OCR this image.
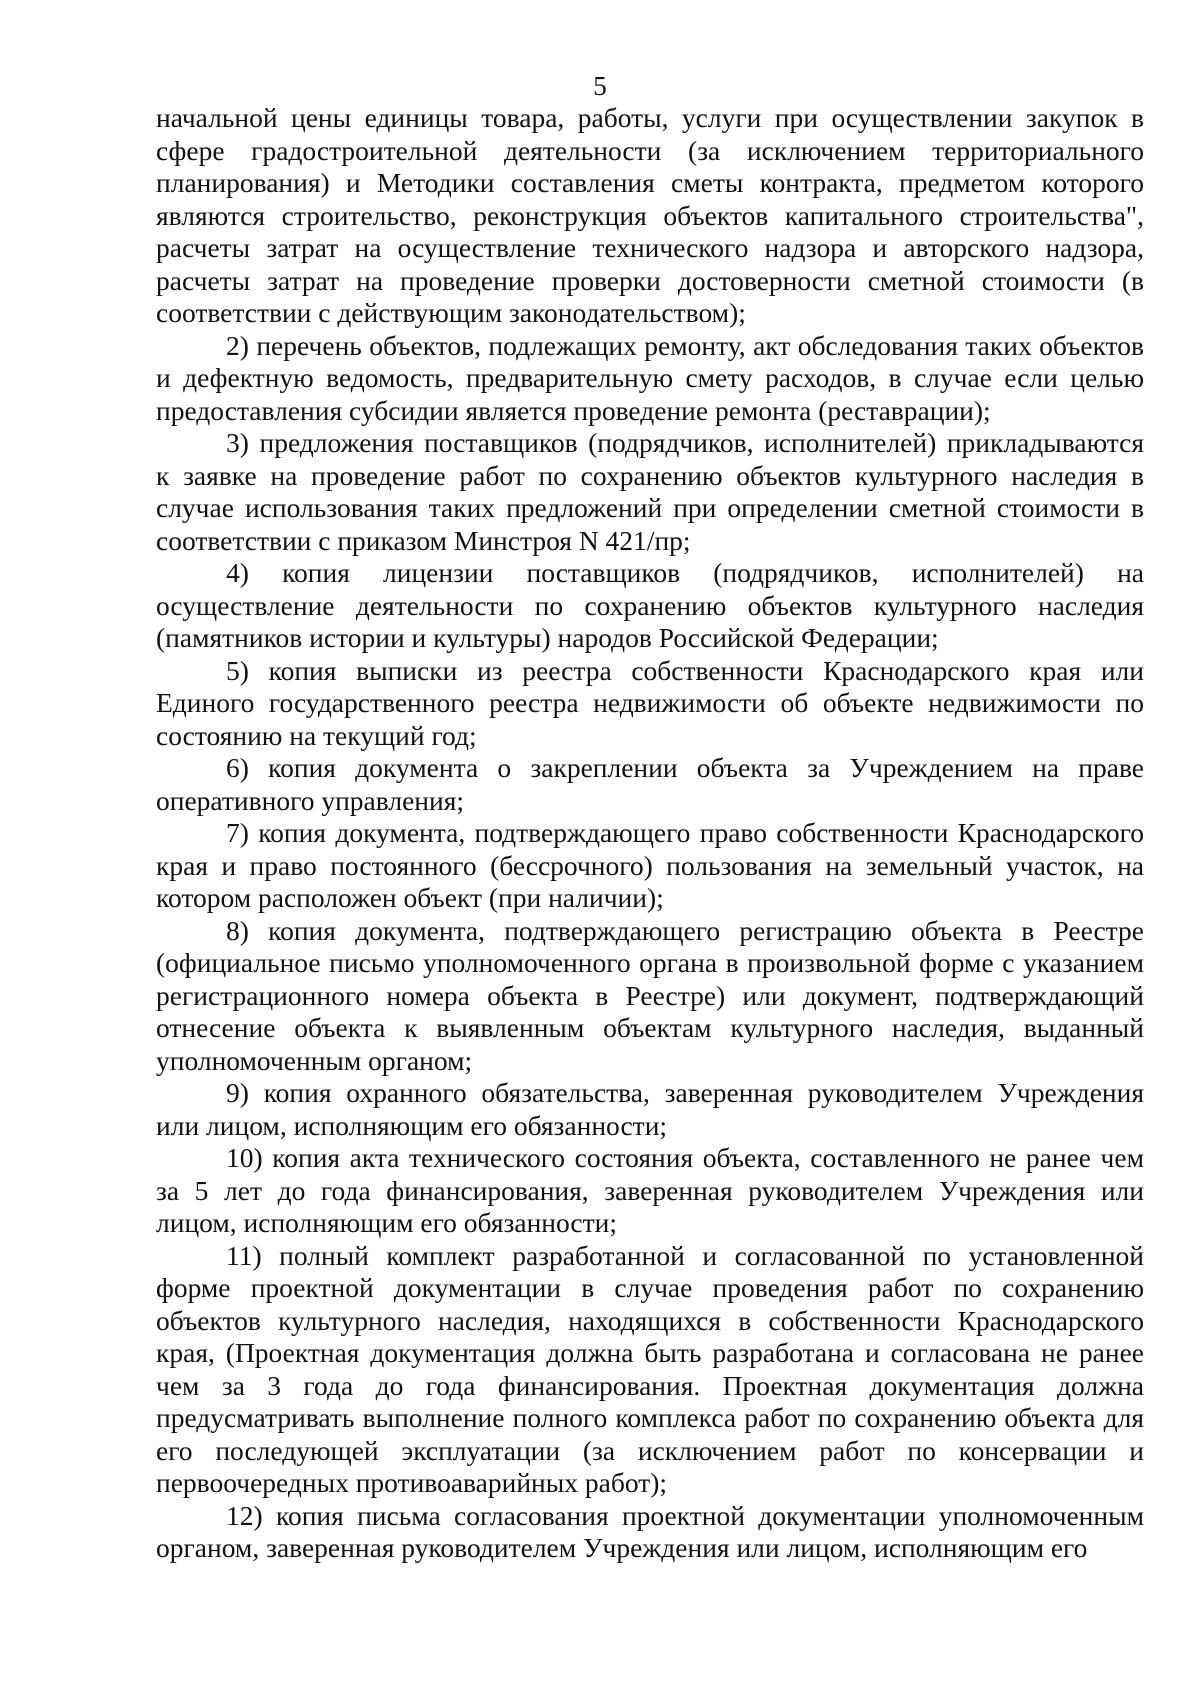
5

начальной цены единицы товара, работы, услуги при осуществлении закупок в сфере градостроительной деятельности (за исключением территориального планирования) и Методики составления сметы контракта, предметом которого являются строительство, реконструкция объектов капитального строительства", расчеты затрат на осуществление технического надзора и авторского надзора, расчеты затрат на проведение проверки достоверности сметной стоимости (в соответствии с действующим законодательством);

2) перечень объектов, подлежащих ремонту, акт обследования таких объектов и дефектную ведомость, предварительную смету расходов, в случае если целью предоставления субсидии является проведение ремонта (реставрации);

3) предложения поставщиков (подрядчиков, исполнителей) прикладываются к заявке на проведение работ по сохранению объектов культурного наследия в случае использования таких предложений при определении сметной стоимости в соответствии с приказом Минстроя N 421/пр;

4) копия лицензии поставщиков (подрядчиков, исполнителей) на осуществление деятельности по сохранению объектов культурного наследия (памятников истории и культуры) народов Российской Федерации;

5) копия выписки из реестра собственности Краснодарского края или Единого государственного реестра недвижимости об объекте недвижимости по состоянию на текущий год;

6) копия документа о закреплении объекта за Учреждением на праве оперативного управления;

7) копия документа, подтверждающего право собственности Краснодарского края и право постоянного (бессрочного) пользования на земельный участок, на котором расположен объект (при наличии);

8) копия документа, подтверждающего регистрацию объекта в Реестре (официальное письмо уполномоченного органа в произвольной форме с указанием регистрационного номера объекта в Реестре) или документ, подтверждающий отнесение объекта к выявленным объектам культурного наследия, выданный уполномоченным органом;

9) копия охранного обязательства, заверенная руководителем Учреждения или лицом, исполняющим его обязанности;

10) копия акта технического состояния объекта, составленного не ранее чем за 5 лет до года финансирования, заверенная руководителем Учреждения или лицом, исполняющим его обязанности;

11) полный комплект разработанной и согласованной по установленной форме проектной документации в случае проведения работ по сохранению объектов культурного наследия, находящихся в собственности Краснодарского края, (Проектная документация должна быть разработана и согласована не ранее чем за 3 года до года финансирования. Проектная документация должна предусматривать выполнение полного комплекса работ по сохранению объекта для его последующей эксплуатации (за исключением работ по консервации и первоочередных противоаварийных работ);

12) копия письма согласования проектной документации уполномоченным органом, заверенная руководителем Учреждения или лицом, исполняющим его
